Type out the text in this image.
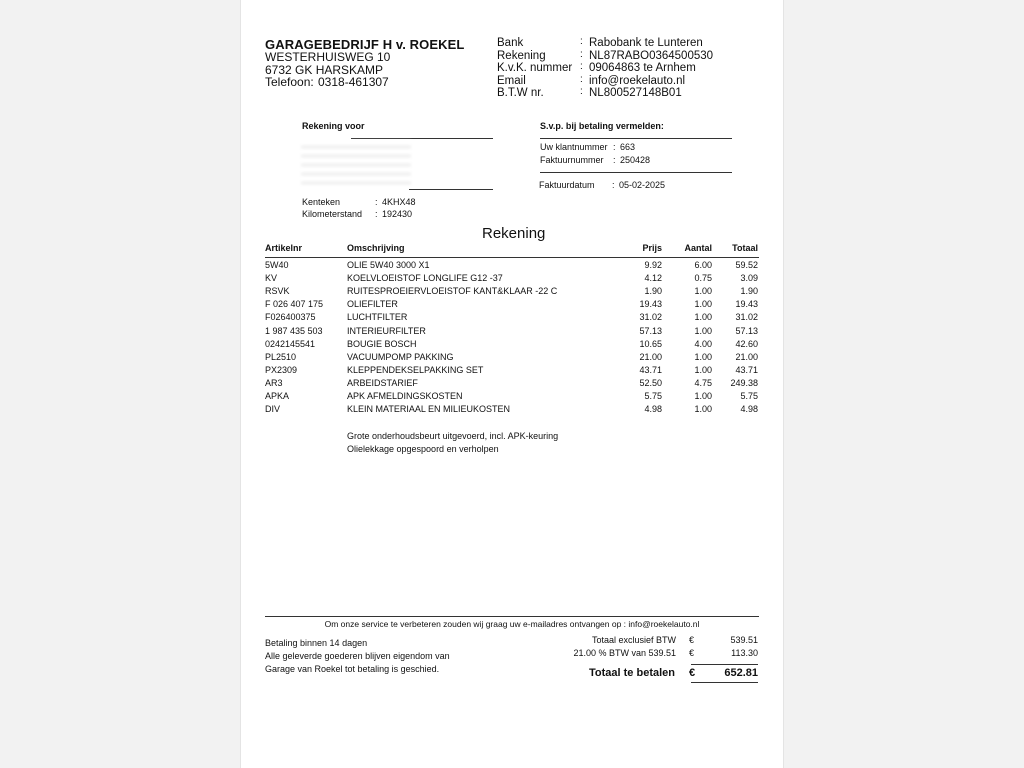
GARAGEBEDRIJF H v. ROEKEL
WESTERHUISWEG 10
6732 GK HARSKAMP
Telefoon: 0318-461307
Bank	: Rabobank te Lunteren
Rekening	: NL87RABO0364500530
K.v.K. nummer : 09064863 te Arnhem
Email	: info@roekelauto.nl
B.T.W nr.	: NL800527148B01
Rekening voor
Kenteken	: 4KHX48
Kilometerstand : 192430
S.v.p. bij betaling vermelden:
Uw klantnummer : 663
Faktuurnummer : 250428
Faktuurdatum : 05-02-2025
Rekening
Artikelnr	Omschrijving	Prijs	Aantal	Totaal
5W40	OLIE 5W40 3000 X1	9.92	6.00	59.52
KV	KOELVLOEISTOF LONGLIFE G12 -37	4.12	0.75	3.09
RSVK	RUITESPROEIERVLOEISTOF KANT&KLAAR -22 C	1.90	1.00	1.90
F 026 407 175	OLIEFILTER	19.43	1.00	19.43
F026400375	LUCHTFILTER	31.02	1.00	31.02
1 987 435 503	INTERIEURFILTER	57.13	1.00	57.13
0242145541	BOUGIE BOSCH	10.65	4.00	42.60
PL2510	VACUUMPOMP PAKKING	21.00	1.00	21.00
PX2309	KLEPPENDEKSELPAKKING SET	43.71	1.00	43.71
AR3	ARBEIDSTARIEF	52.50	4.75	249.38
APKA	APK AFMELDINGSKOSTEN	5.75	1.00	5.75
DIV	KLEIN MATERIAAL EN MILIEUKOSTEN	4.98	1.00	4.98
Grote onderhoudsbeurt uitgevoerd, incl. APK-keuring
Olielekkage opgespoord en verholpen
Om onze service te verbeteren zouden wij graag uw e-mailadres ontvangen op : info@roekelauto.nl
Betaling binnen 14 dagen
Alle geleverde goederen blijven eigendom van
Garage van Roekel tot betaling is geschied.
Totaal exclusief BTW €	539.51
21.00 % BTW van 539.51 €	113.30
Totaal te betalen €	652.81
